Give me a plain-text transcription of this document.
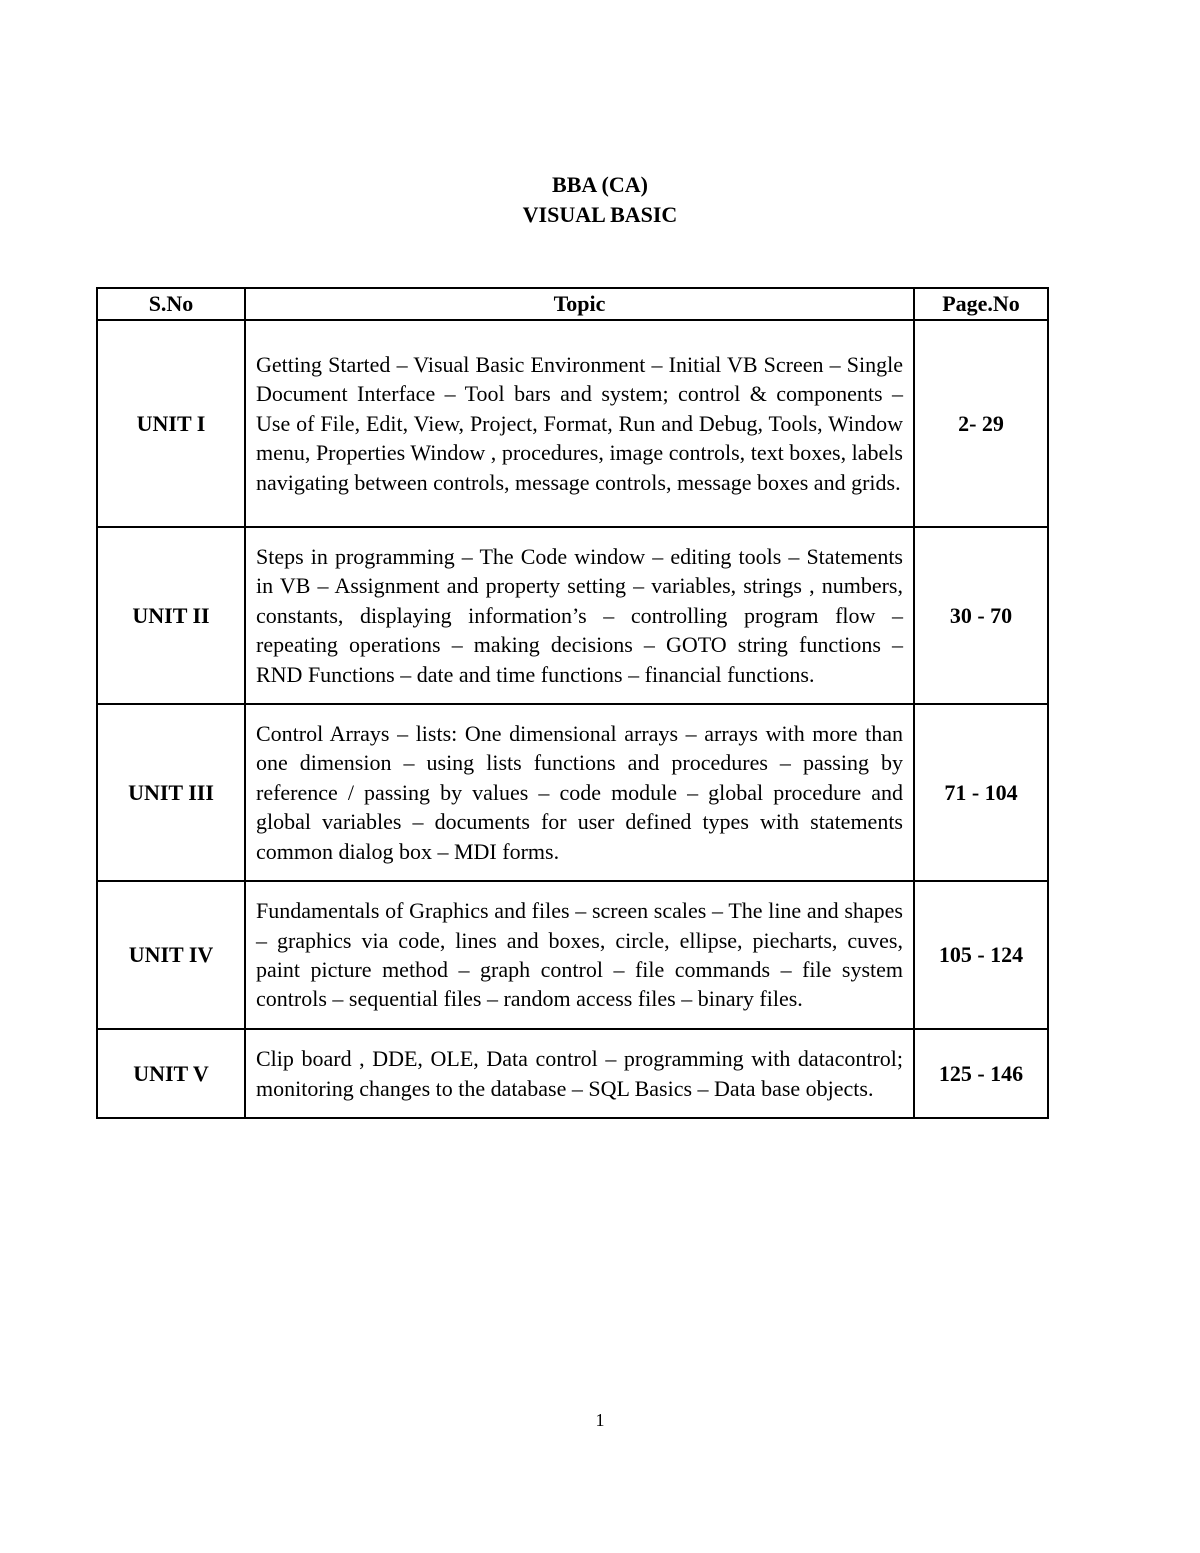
BBA (CA)
VISUAL BASIC
S.No	Topic	Page.No
UNIT I	Getting Started – Visual Basic Environment – Initial VB Screen – Single Document Interface – Tool bars and system; control & components – Use of File, Edit, View, Project, Format, Run and Debug, Tools, Window menu, Properties Window , procedures, image controls, text boxes, labels navigating between controls, message controls, message boxes and grids.	2- 29
UNIT II	Steps in programming – The Code window – editing tools – Statements in VB – Assignment and property setting – variables, strings , numbers, constants, displaying information’s – controlling program flow – repeating operations – making decisions – GOTO string functions – RND Functions – date and time functions – financial functions.	30 - 70
UNIT III	Control Arrays – lists: One dimensional arrays – arrays with more than one dimension – using lists functions and procedures – passing by reference / passing by values – code module – global procedure and global variables – documents for user defined types with statements common dialog box – MDI forms.	71 - 104
UNIT IV	Fundamentals of Graphics and files – screen scales – The line and shapes – graphics via code, lines and boxes, circle, ellipse, piecharts, cuves, paint picture method – graph control – file commands – file system controls – sequential files – random access files – binary files.	105 - 124
UNIT V	Clip board , DDE, OLE, Data control – programming with datacontrol; monitoring changes to the database – SQL Basics – Data base objects.	125 - 146
1
